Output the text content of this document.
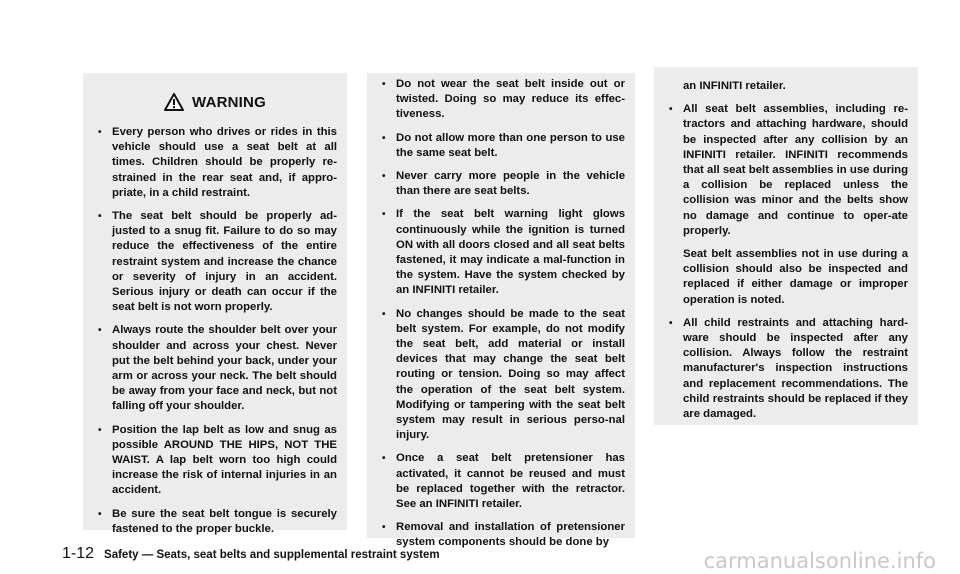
WARNING
• Every person who drives or rides in this vehicle should use a seat belt at all times. Children should be properly re-strained in the rear seat and, if appro-priate, in a child restraint.
• The seat belt should be properly ad-justed to a snug fit. Failure to do so may reduce the effectiveness of the entire restraint system and increase the chance or severity of injury in an accident. Serious injury or death can occur if the seat belt is not worn properly.
• Always route the shoulder belt over your shoulder and across your chest. Never put the belt behind your back, under your arm or across your neck. The belt should be away from your face and neck, but not falling off your shoulder.
• Position the lap belt as low and snug as possible AROUND THE HIPS, NOT THE WAIST. A lap belt worn too high could increase the risk of internal injuries in an accident.
• Be sure the seat belt tongue is securely fastened to the proper buckle.
• Do not wear the seat belt inside out or twisted. Doing so may reduce its effec-tiveness.
• Do not allow more than one person to use the same seat belt.
• Never carry more people in the vehicle than there are seat belts.
• If the seat belt warning light glows continuously while the ignition is turned ON with all doors closed and all seat belts fastened, it may indicate a mal-function in the system. Have the system checked by an INFINITI retailer.
• No changes should be made to the seat belt system. For example, do not modify the seat belt, add material or install devices that may change the seat belt routing or tension. Doing so may affect the operation of the seat belt system. Modifying or tampering with the seat belt system may result in serious perso-nal injury.
• Once a seat belt pretensioner has activated, it cannot be reused and must be replaced together with the retractor. See an INFINITI retailer.
• Removal and installation of pretensioner system components should be done by
an INFINITI retailer.
• All seat belt assemblies, including re-tractors and attaching hardware, should be inspected after any collision by an INFINITI retailer. INFINITI recommends that all seat belt assemblies in use during a collision be replaced unless the collision was minor and the belts show no damage and continue to oper-ate properly.
Seat belt assemblies not in use during a collision should also be inspected and replaced if either damage or improper operation is noted.
• All child restraints and attaching hard-ware should be inspected after any collision. Always follow the restraint manufacturer's inspection instructions and replacement recommendations. The child restraints should be replaced if they are damaged.
1-12 Safety — Seats, seat belts and supplemental restraint system	carmanualsonline.info
